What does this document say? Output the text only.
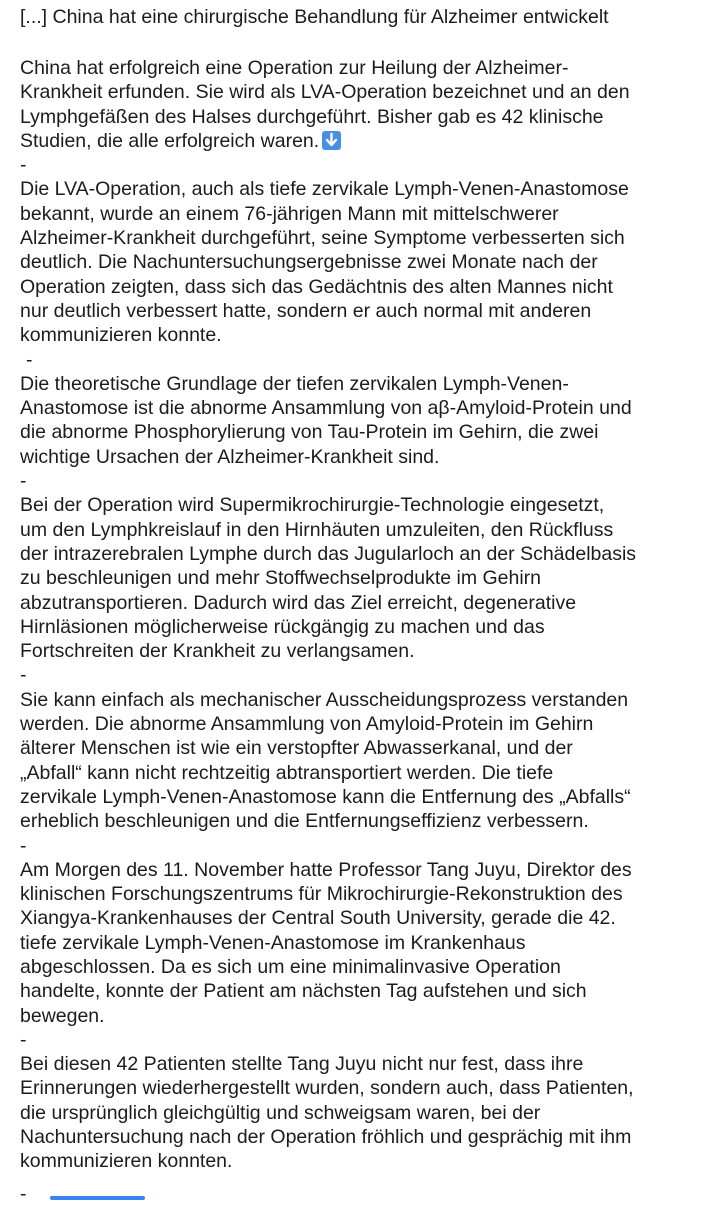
[...] China hat eine chirurgische Behandlung für Alzheimer entwickelt

China hat erfolgreich eine Operation zur Heilung der Alzheimer-
Krankheit erfunden. Sie wird als LVA-Operation bezeichnet und an den
Lymphgefäßen des Halses durchgeführt. Bisher gab es 42 klinische
Studien, die alle erfolgreich waren.

-

Die LVA-Operation, auch als tiefe zervikale Lymph-Venen-Anastomose
bekannt, wurde an einem 76-jährigen Mann mit mittelschwerer
Alzheimer-Krankheit durchgeführt, seine Symptome verbesserten sich
deutlich. Die Nachuntersuchungsergebnisse zwei Monate nach der
Operation zeigten, dass sich das Gedächtnis des alten Mannes nicht
nur deutlich verbessert hatte, sondern er auch normal mit anderen
kommunizieren konnte.

-

Die theoretische Grundlage der tiefen zervikalen Lymph-Venen-
Anastomose ist die abnorme Ansammlung von aβ-Amyloid-Protein und
die abnorme Phosphorylierung von Tau-Protein im Gehirn, die zwei
wichtige Ursachen der Alzheimer-Krankheit sind.

-

Bei der Operation wird Supermikrochirurgie-Technologie eingesetzt,
um den Lymphkreislauf in den Hirnhäuten umzuleiten, den Rückfluss
der intrazerebralen Lymphe durch das Jugularloch an der Schädelbasis
zu beschleunigen und mehr Stoffwechselprodukte im Gehirn
abzutransportieren. Dadurch wird das Ziel erreicht, degenerative
Hirnläsionen möglicherweise rückgängig zu machen und das
Fortschreiten der Krankheit zu verlangsamen.

-

Sie kann einfach als mechanischer Ausscheidungsprozess verstanden
werden. Die abnorme Ansammlung von Amyloid-Protein im Gehirn
älterer Menschen ist wie ein verstopfter Abwasserkanal, und der
„Abfall“ kann nicht rechtzeitig abtransportiert werden. Die tiefe
zervikale Lymph-Venen-Anastomose kann die Entfernung des „Abfalls“
erheblich beschleunigen und die Entfernungseffizienz verbessern.

-

Am Morgen des 11. November hatte Professor Tang Juyu, Direktor des
klinischen Forschungszentrums für Mikrochirurgie-Rekonstruktion des
Xiangya-Krankenhauses der Central South University, gerade die 42.
tiefe zervikale Lymph-Venen-Anastomose im Krankenhaus
abgeschlossen. Da es sich um eine minimalinvasive Operation
handelte, konnte der Patient am nächsten Tag aufstehen und sich
bewegen.

-

Bei diesen 42 Patienten stellte Tang Juyu nicht nur fest, dass ihre
Erinnerungen wiederhergestellt wurden, sondern auch, dass Patienten,
die ursprünglich gleichgültig und schweigsam waren, bei der
Nachuntersuchung nach der Operation fröhlich und gesprächig mit ihm
kommunizieren konnten.

-
